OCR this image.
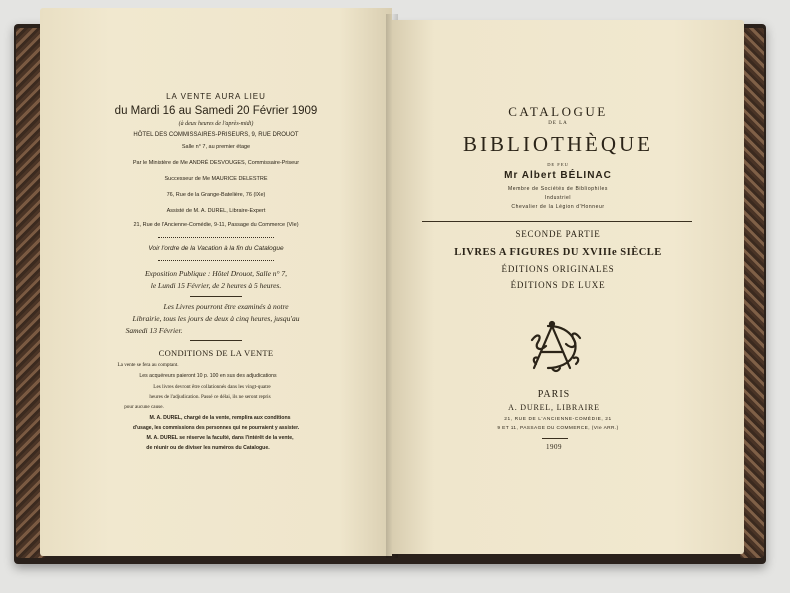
LA VENTE AURA LIEU
du Mardi 16 au Samedi 20 Février 1909
(à deux heures de l'après-midi)
HÔTEL DES COMMISSAIRES-PRISEURS, 9, RUE DROUOT
Salle n° 7, au premier étage
Par le Ministère de Me ANDRÉ DESVOUGES, Commissaire-Priseur
Successeur de Me MAURICE DELESTRE
76, Rue de la Grange-Batelière, 76 (IXe)
Assisté de M. A. DUREL, Libraire-Expert
21, Rue de l'Ancienne-Comédie, 9-11, Passage du Commerce (VIe)
Voir l'ordre de la Vacation à la fin du Catalogue
Exposition Publique : Hôtel Drouot, Salle n° 7,
le Lundi 15 Février, de 2 heures à 5 heures.
Les Livres pourront être examinés à notre
Librairie, tous les jours de deux à cinq heures, jusqu'au
Samedi 13 Février.
CONDITIONS DE LA VENTE
La vente se fera au comptant.
Les acquéreurs paieront 10 p. 100 en sus des adjudications
Les livres devront être collationnés dans les vingt-quatre
heures de l'adjudication. Passé ce délai, ils ne seront repris
pour aucune cause.
M. A. DUREL, chargé de la vente, remplira aux conditions
d'usage, les commissions des personnes qui ne pourraient y assister.
M. A. DUREL se réserve la faculté, dans l'intérêt de la vente,
de réunir ou de diviser les numéros du Catalogue.
CATALOGUE
DE LA
BIBLIOTHÈQUE
DE FEU
Mr Albert BÉLINAC
Membre de Sociétés de Bibliophiles
Industriel
Chevalier de la Légion d'Honneur
SECONDE PARTIE
LIVRES A FIGURES DU XVIIIe SIÈCLE
ÉDITIONS ORIGINALES
ÉDITIONS DE LUXE
PARIS
A. DUREL, LIBRAIRE
21, RUE DE L'ANCIENNE-COMÉDIE, 21
9 ET 11, PASSAGE DU COMMERCE, (VIe ARR.)
1909
